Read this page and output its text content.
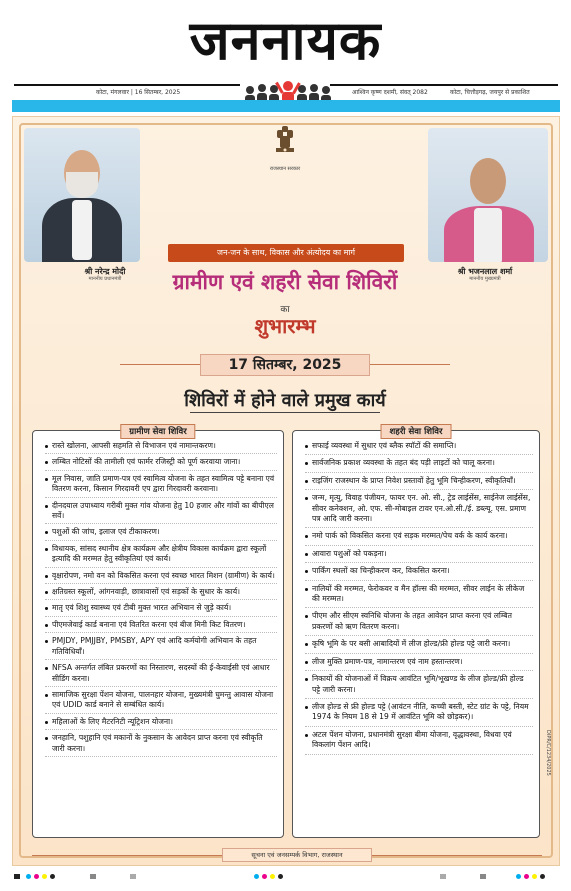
जननायक
कोटा, मंगलवार | 16 सितम्बर, 2025	आश्विन कृष्ण दशमी, संवत् 2082	कोटा, चित्तौड़गढ़, जयपुर से प्रकाशित
श्री नरेन्द्र मोदी
माननीय प्रधानमंत्री
श्री भजनलाल शर्मा
माननीय मुख्यमंत्री
राजस्थान सरकार
जन-जन के साथ, विकास और अंत्योदय का मार्ग
ग्रामीण एवं शहरी सेवा शिविरों
का
शुभारम्भ
17 सितम्बर, 2025
शिविरों में होने वाले प्रमुख कार्य
ग्रामीण सेवा शिविर
रास्ते खोलना, आपसी सहमति से विभाजन एवं नामान्तकरण।
लम्बित नोटिसों की तामीली एवं फार्मर रजिस्ट्री को पूर्ण करवाया जाना।
मूल निवास, जाति प्रमाण-पत्र एवं स्वामित्व योजना के तहत स्वामित्व पट्टे बनाना एवं वितरण करना, किसान गिरदावरी एप द्वारा गिरदावरी करवाना।
दीनदयाल उपाध्याय गरीबी मुक्त गांव योजना हेतु 10 हजार और गांवों का बीपीएल सर्वे।
पशुओं की जांच, इलाज एवं टीकाकरण।
विधायक, सांसद स्थानीय क्षेत्र कार्यक्रम और क्षेत्रीय विकास कार्यक्रम द्वारा स्कूलों इत्यादि की मरम्मत हेतु स्वीकृतियां एवं कार्य।
वृक्षारोपण, नमो वन को विकसित करना एवं स्वच्छ भारत मिशन (ग्रामीण) के कार्य।
क्षतिग्रस्त स्कूलों, आंगनवाड़ी, छात्रावासों एवं सड़कों के सुधार के कार्य।
मातृ एवं शिशु स्वास्थ्य एवं टीबी मुक्त भारत अभियान से जुड़े कार्य।
पीएमजेवाई कार्ड बनाना एवं वितरित करना एवं बीज मिनी किट वितरण।
PMJDY, PMJJBY, PMSBY, APY एवं आदि कर्मयोगी अभियान के तहत गतिविधियाँ।
NFSA अन्तर्गत लंबित प्रकरणों का निस्तारण, सदस्यों की ई-केवाईसी एवं आधार सीडिंग करना।
सामाजिक सुरक्षा पेंशन योजना, पालनहार योजना, मुख्यमंत्री घुमन्तु आवास योजना एवं UDID कार्ड बनाने से सम्बंधित कार्य।
महिलाओं के लिए मैटरनिटी न्यूट्रिशन योजना।
जनहानि, पशुहानि एवं मकानों के नुकसान के आवेदन प्राप्त करना एवं स्वीकृति जारी करना।
शहरी सेवा शिविर
सफाई व्यवस्था में सुधार एवं ब्लैक स्पॉटों की समाप्ति।
सार्वजनिक प्रकाश व्यवस्था के तहत बंद पड़ी लाइटों को चालू करना।
राइजिंग राजस्थान के प्राप्त निवेश प्रस्तावों हेतु भूमि चिन्हीकरण, स्वीकृतियाँ।
जन्म, मृत्यु, विवाह पंजीयन, फायर एन. ओ. सी., ट्रेड लाईसेंस, साईनेज लाईसेंस, सीवर कनेक्शन, ओ. एफ. सी-मोबाइल टावर एन.ओ.सी./ई. डब्ल्यू. एस. प्रमाण पत्र आदि जारी करना।
नमो पार्क को विकसित करना एवं सड़क मरम्मत/पेच वर्क के कार्य करना।
आवारा पशुओं को पकड़ना।
पार्किंग स्थलों का चिन्हीकरण कर, विकसित करना।
नालियों की मरम्मत, फेरोकवर व मैन हॉल्स की मरम्मत, सीवर लाईन के लीकेज की मरम्मत।
पीएम और सीएम स्वनिधि योजना के तहत आवेदन प्राप्त करना एवं लम्बित प्रकरणों को ऋण वितरण करना।
कृषि भूमि के पर बसी आबादियों में लीज होल्ड/फ्री होल्ड पट्टे जारी करना।
लीज मुक्ति प्रमाण-पत्र, नामान्तरण एवं नाम हस्तान्तरण।
निकायों की योजनाओं में विक्रय आवंटित भूमि/भूखण्ड के लीज होल्ड/फ्री होल्ड पट्टे जारी करना।
लीज होल्ड से फ्री होल्ड पट्टे (आवंटन नीति, कच्ची बस्ती, स्टेट ग्रांट के पट्टे, नियम 1974 के नियम 18 से 19 में आवंटित भूमि को छोड़कर)।
अटल पेंशन योजना, प्रधानमंत्री सुरक्षा बीमा योजना, वृद्धावस्था, विधवा एवं विकलांग पेंशन आदि।	DIPR/C/1234/2025
सूचना एवं जनसम्पर्क विभाग, राजस्थान
